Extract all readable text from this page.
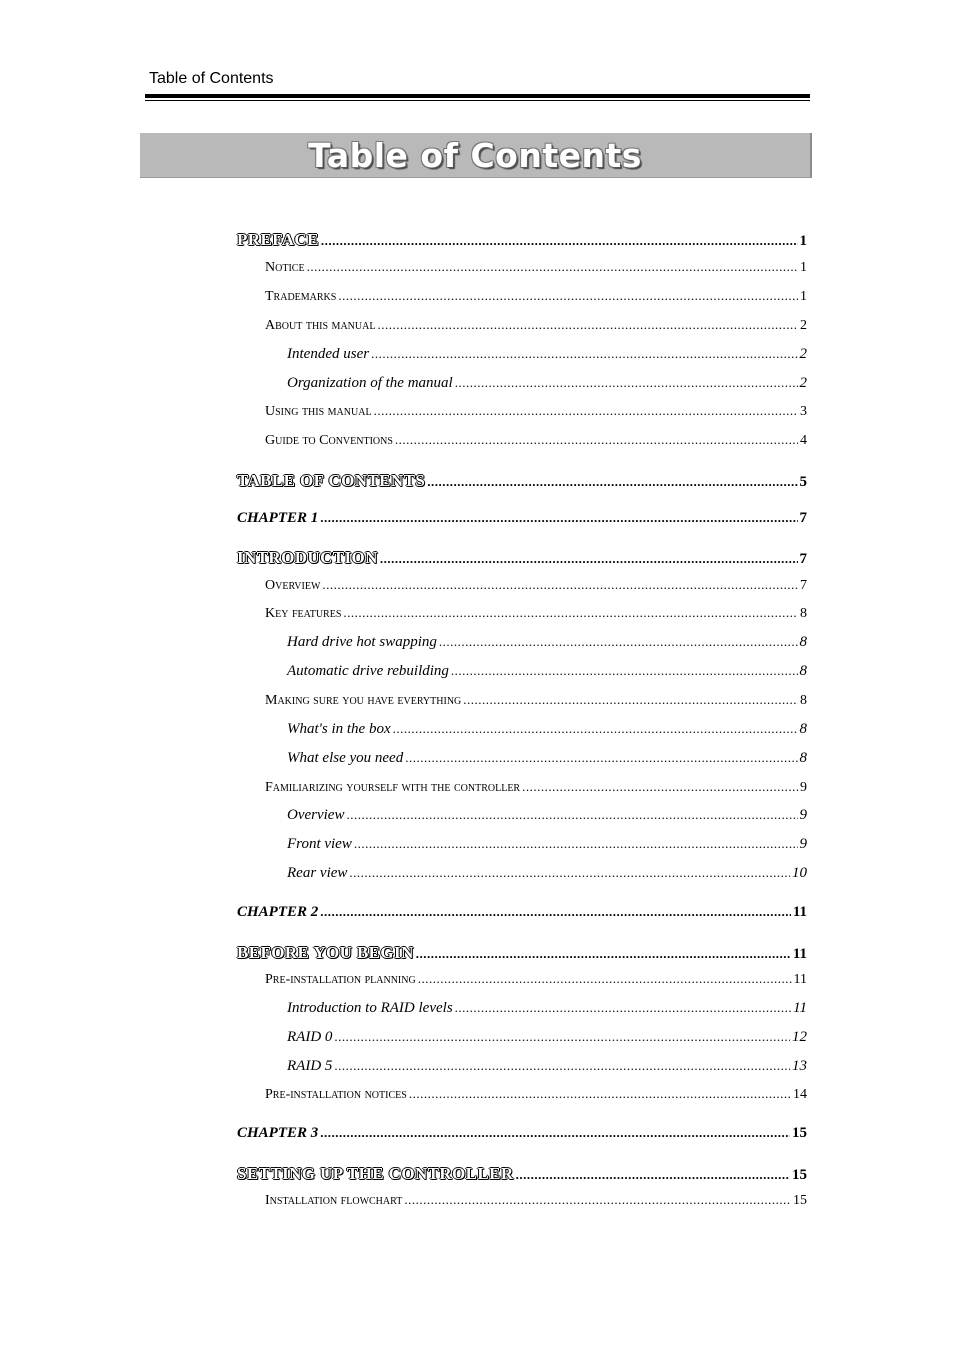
Table of Contents
Table of Contents
PREFACE .....	1
Notice .....	1
Trademarks .....	1
About this manual .....	2
Intended user .....	2
Organization of the manual .....	2
Using this manual .....	3
Guide to Conventions .....	4
TABLE OF CONTENTS .....	5
CHAPTER 1 .....	7
INTRODUCTION .....	7
Overview .....	7
Key features .....	8
Hard drive hot swapping .....	8
Automatic drive rebuilding .....	8
Making sure you have everything .....	8
What's in the box .....	8
What else you need .....	8
Familiarizing yourself with the controller .....	9
Overview .....	9
Front view .....	9
Rear view .....	10
CHAPTER 2 .....	11
BEFORE YOU BEGIN .....	11
Pre-installation planning .....	11
Introduction to RAID levels .....	11
RAID 0 .....	12
RAID 5 .....	13
Pre-installation notices .....	14
CHAPTER 3 .....	15
SETTING UP THE CONTROLLER .....	15
Installation flowchart .....	15
